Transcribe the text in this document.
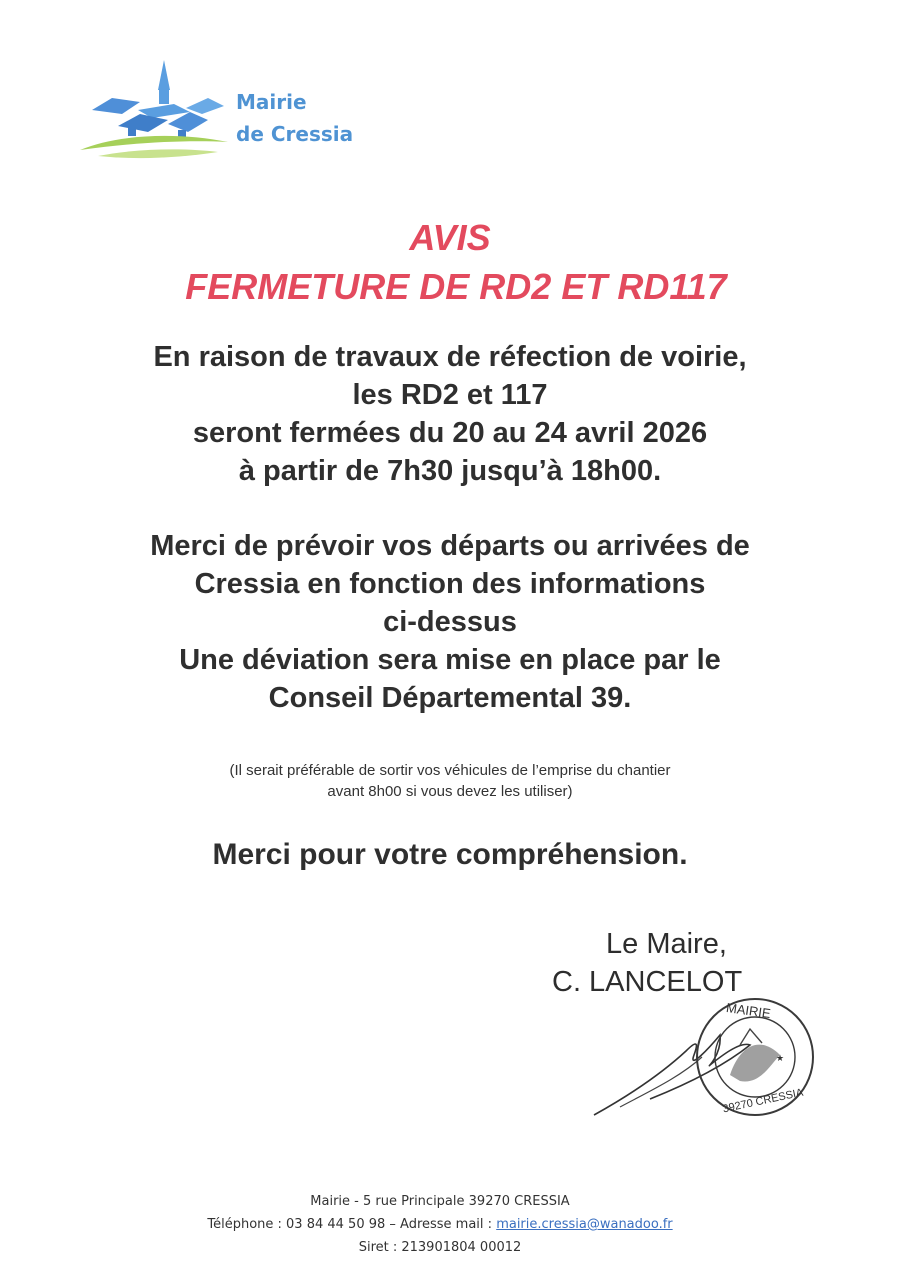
Mairie
de Cressia
AVIS
FERMETURE DE RD2 ET RD117
En raison de travaux de réfection de voirie,
les RD2 et 117
seront fermées du 20 au 24 avril 2026
à partir de 7h30 jusqu’à 18h00.
Merci de prévoir vos départs ou arrivées de
Cressia en fonction des informations
ci-dessus
Une déviation sera mise en place par le
Conseil Départemental 39.
(Il serait préférable de sortir vos véhicules de l’emprise du chantier
avant 8h00 si vous devez les utiliser)
Merci pour votre compréhension.
Le Maire,
C. LANCELOT
★
MAIRIE
39270 CRESSIA
Mairie - 5 rue Principale 39270 CRESSIA
Téléphone : 03 84 44 50 98 – Adresse mail : mairie.cressia@wanadoo.fr
Siret : 213901804 00012
